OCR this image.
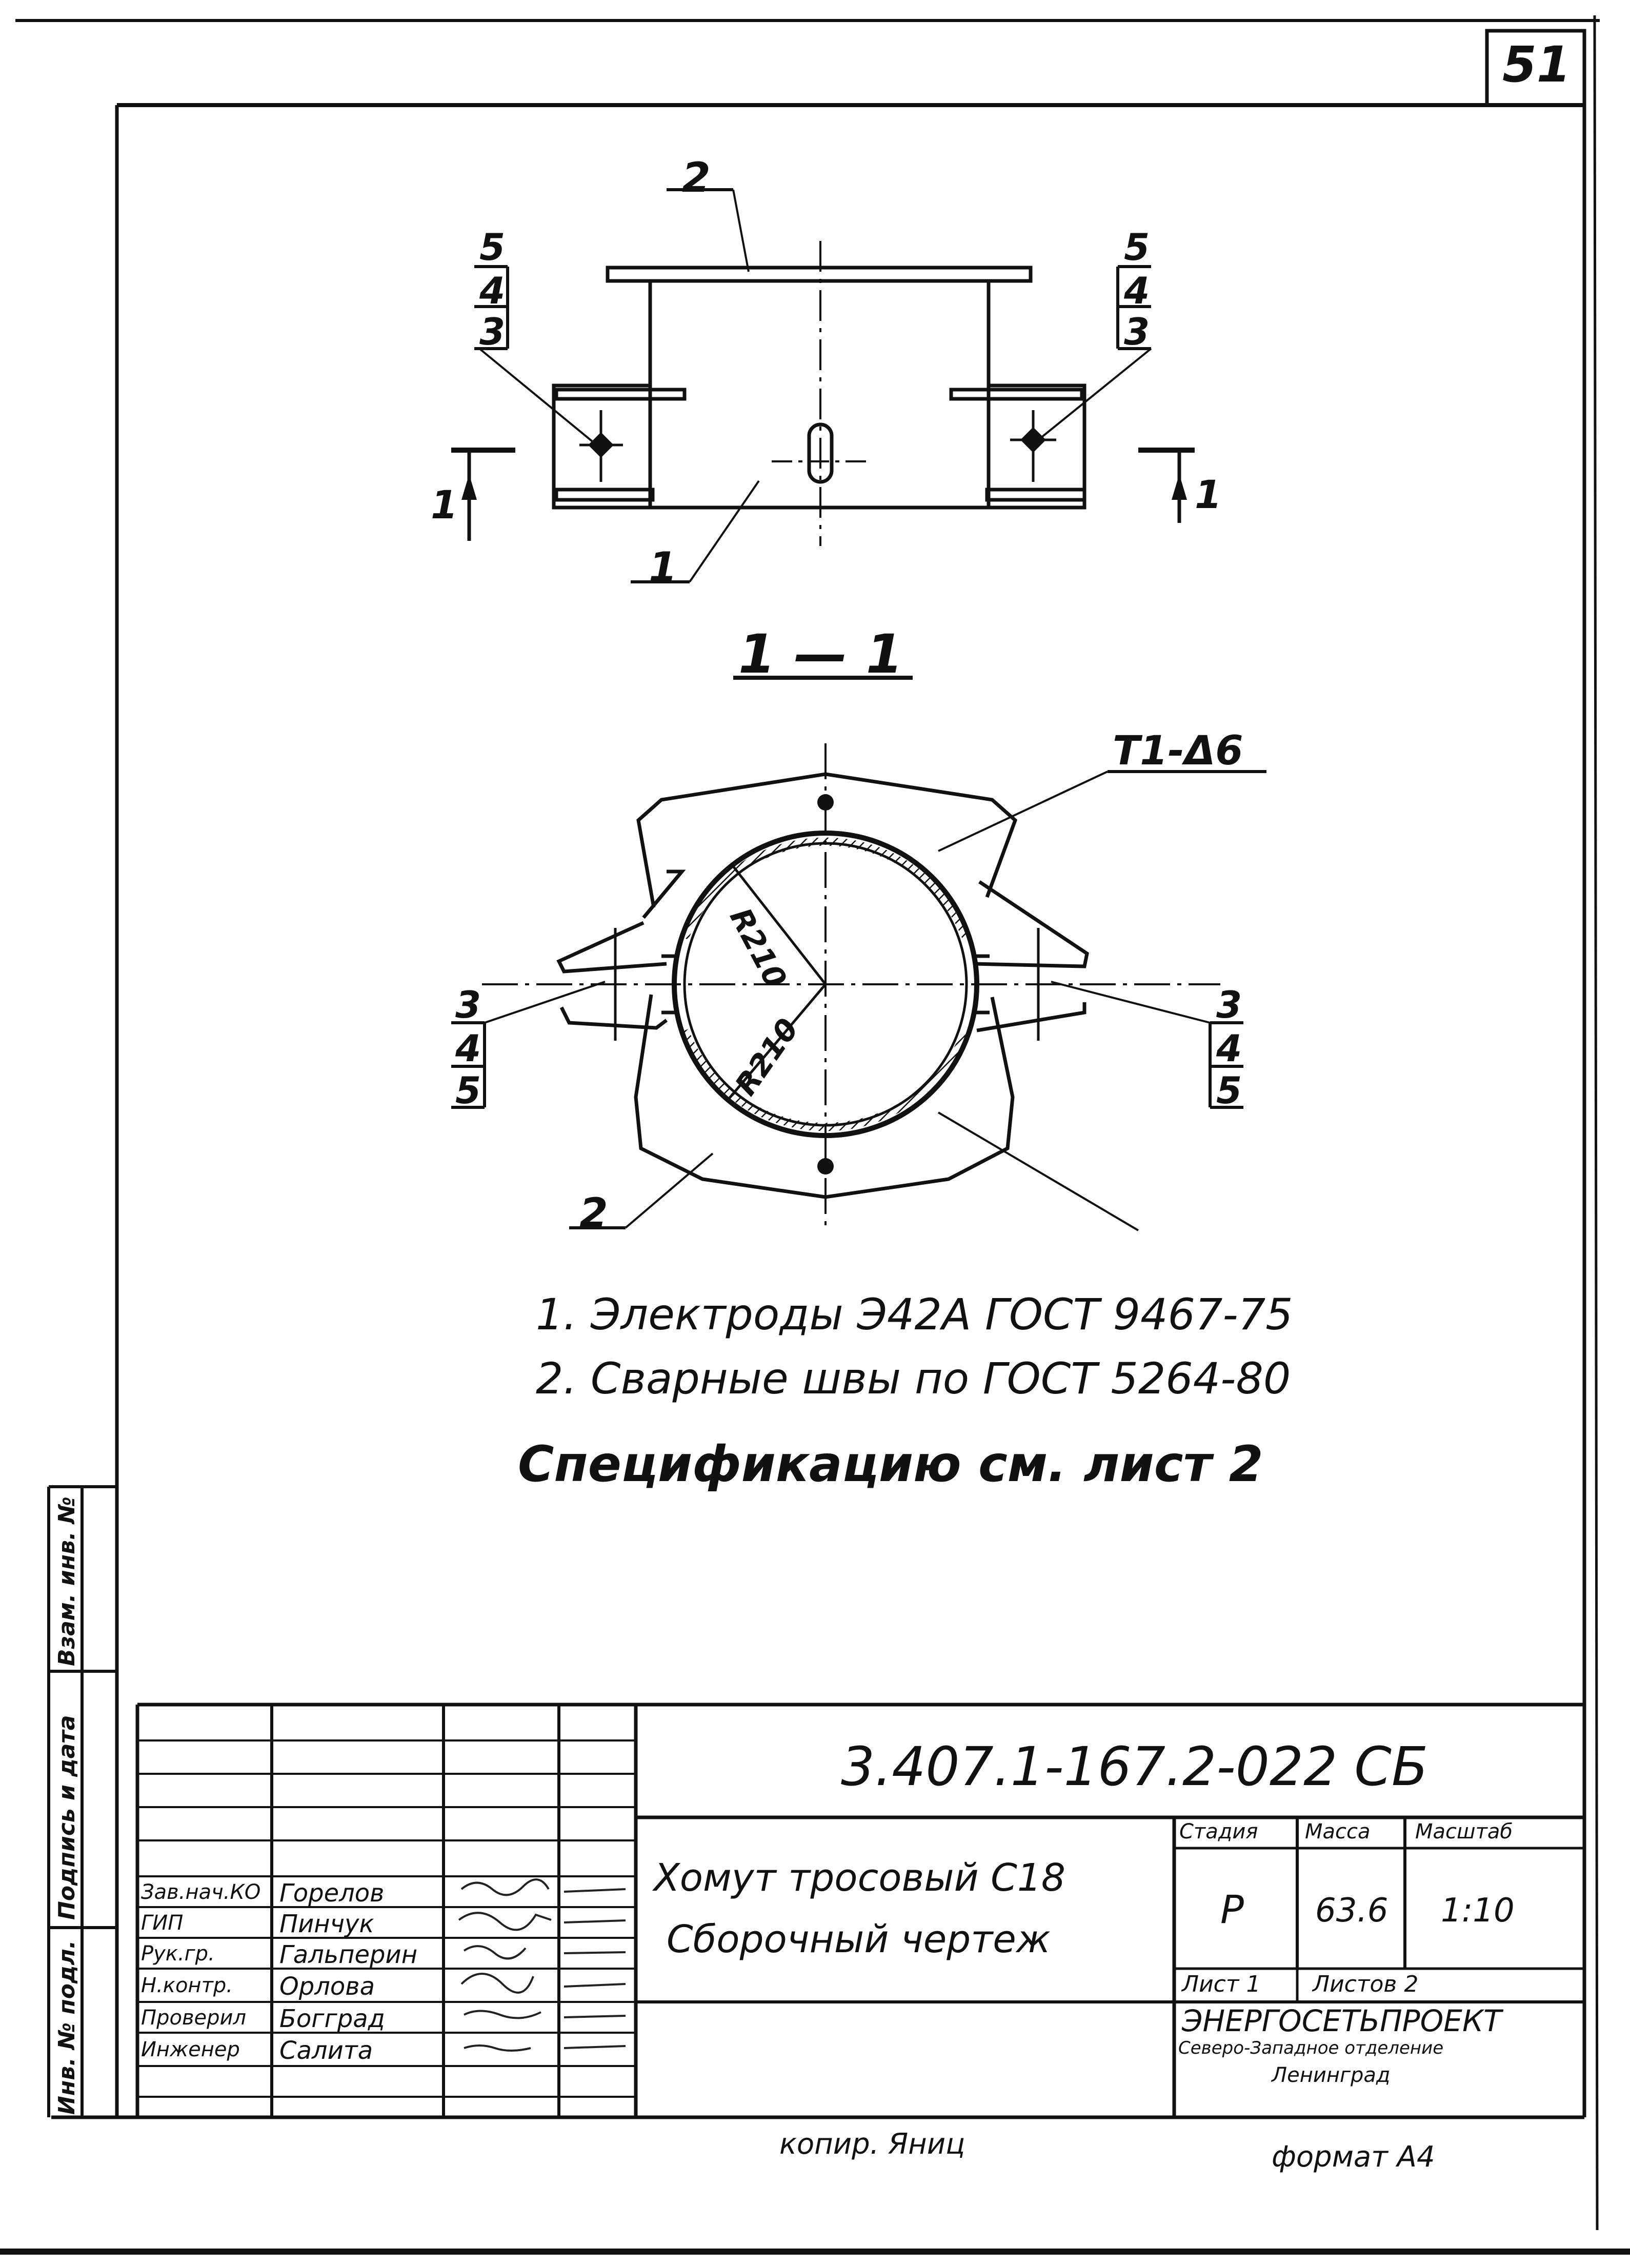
51
2
1
1	1
5
4
3
5
4
3
1 — 1
Т1-Δ6
R210
R210
3
4
5
3
4
5
2
1. Электроды Э42А ГОСТ 9467-75
2. Сварные швы по ГОСТ 5264-80
Спецификацию см. лист 2
Инв. № подл.
Подпись и дата
Взам. инв. №
3.407.1-167.2-022 СБ
Хомут тросовый С18
Сборочный чертеж
Стадия Масса Масштаб
Р 63.6 1:10
Лист 1 Листов 2
ЭНЕРГОСЕТЬПРОЕКТ
Северо-Западное отделение
Ленинград
Зав.нач.КО Горелов
ГИП	Пинчук
Рук.гр.	Гальперин
Н.контр. Орлова
Проверил Богград
Инженер Салита
копир. Яниц	формат А4
